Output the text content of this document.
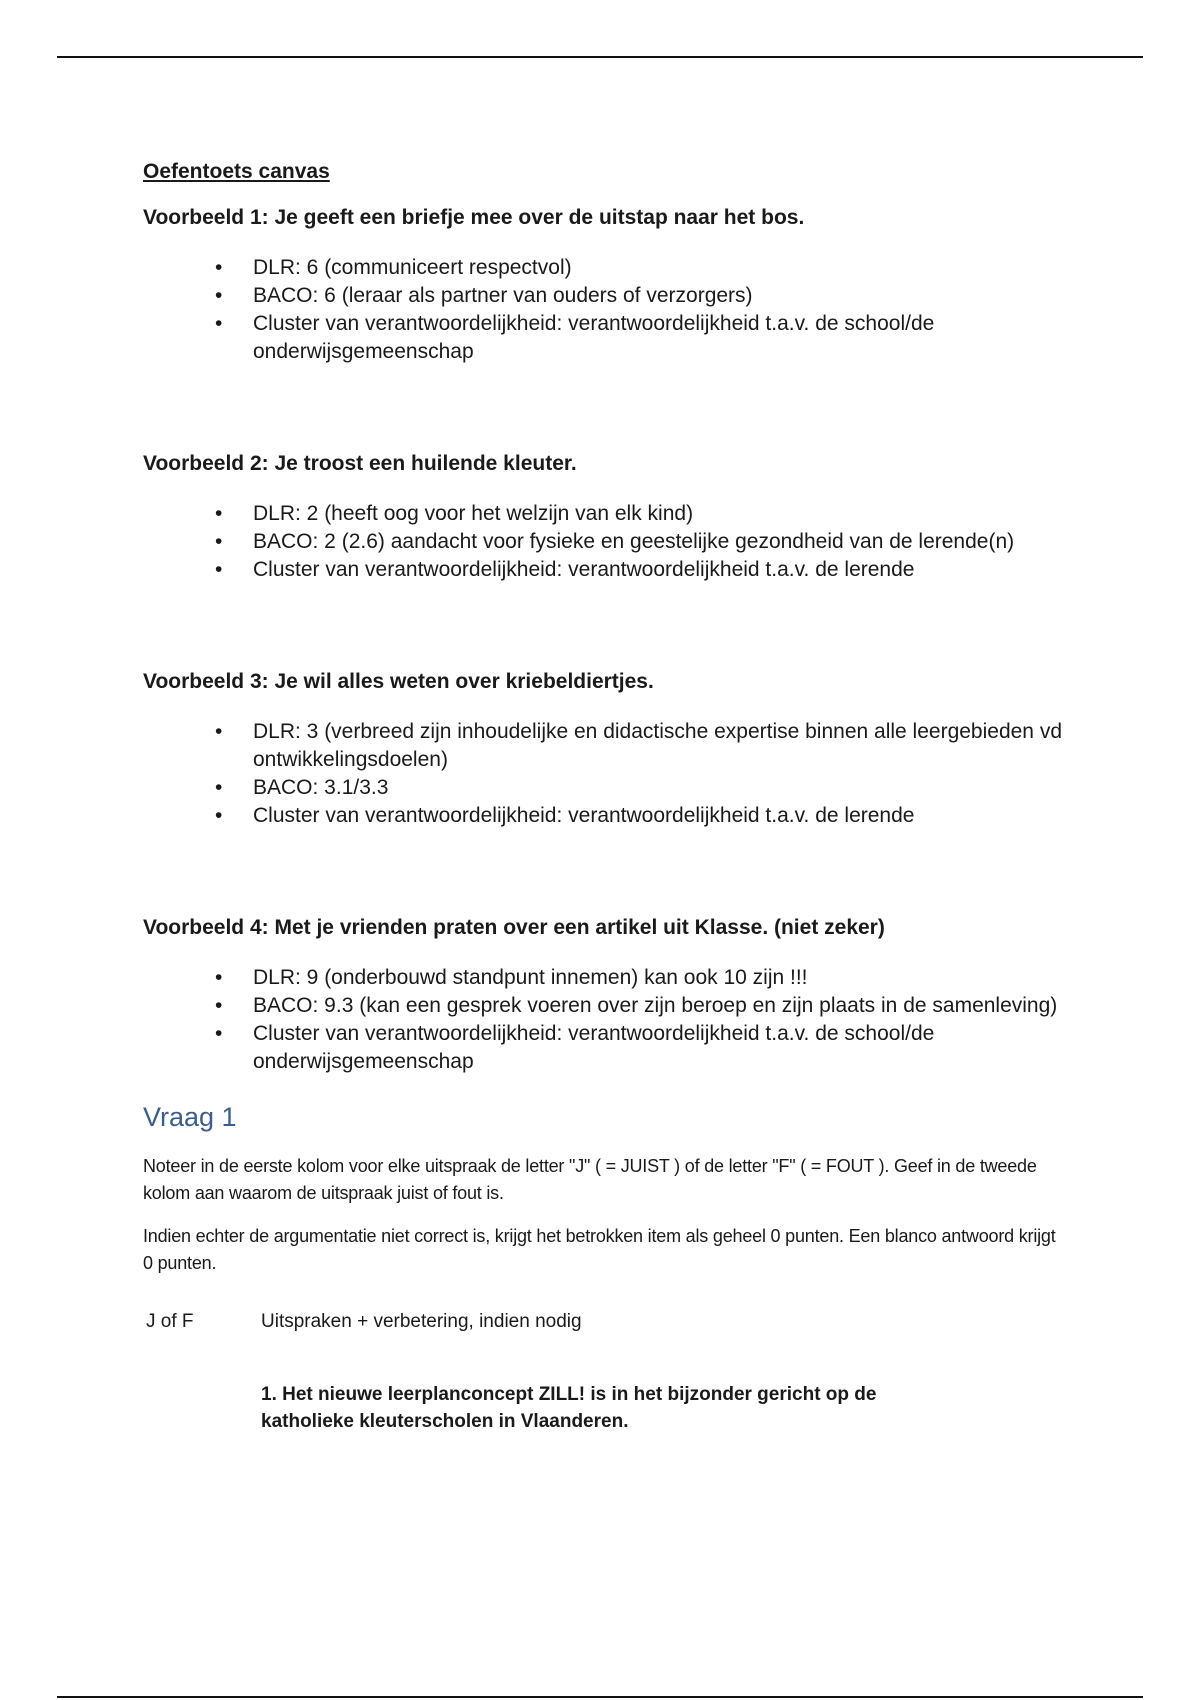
Oefentoets canvas
Voorbeeld 1: Je geeft een briefje mee over de uitstap naar het bos.
• DLR: 6 (communiceert respectvol)
• BACO: 6 (leraar als partner van ouders of verzorgers)
• Cluster van verantwoordelijkheid: verantwoordelijkheid t.a.v. de school/de onderwijsgemeenschap
Voorbeeld 2: Je troost een huilende kleuter.
• DLR: 2 (heeft oog voor het welzijn van elk kind)
• BACO: 2 (2.6) aandacht voor fysieke en geestelijke gezondheid van de lerende(n)
• Cluster van verantwoordelijkheid: verantwoordelijkheid t.a.v. de lerende
Voorbeeld 3: Je wil alles weten over kriebeldiertjes.
• DLR: 3 (verbreed zijn inhoudelijke en didactische expertise binnen alle leergebieden vd ontwikkelingsdoelen)
• BACO: 3.1/3.3
• Cluster van verantwoordelijkheid: verantwoordelijkheid t.a.v. de lerende
Voorbeeld 4: Met je vrienden praten over een artikel uit Klasse. (niet zeker)
• DLR: 9 (onderbouwd standpunt innemen) kan ook 10 zijn !!!
• BACO: 9.3 (kan een gesprek voeren over zijn beroep en zijn plaats in de samenleving)
• Cluster van verantwoordelijkheid: verantwoordelijkheid t.a.v. de school/de onderwijsgemeenschap
Vraag 1

Noteer in de eerste kolom voor elke uitspraak de letter "J" ( = JUIST ) of de letter "F" ( = FOUT ). Geef in de tweede kolom aan waarom de uitspraak juist of fout is.

Indien echter de argumentatie niet correct is, krijgt het betrokken item als geheel 0 punten. Een blanco antwoord krijgt 0 punten.

J of F	Uitspraken + verbetering, indien nodig
1. Het nieuwe leerplanconcept ZILL! is in het bijzonder gericht op de katholieke kleuterscholen in Vlaanderen.
